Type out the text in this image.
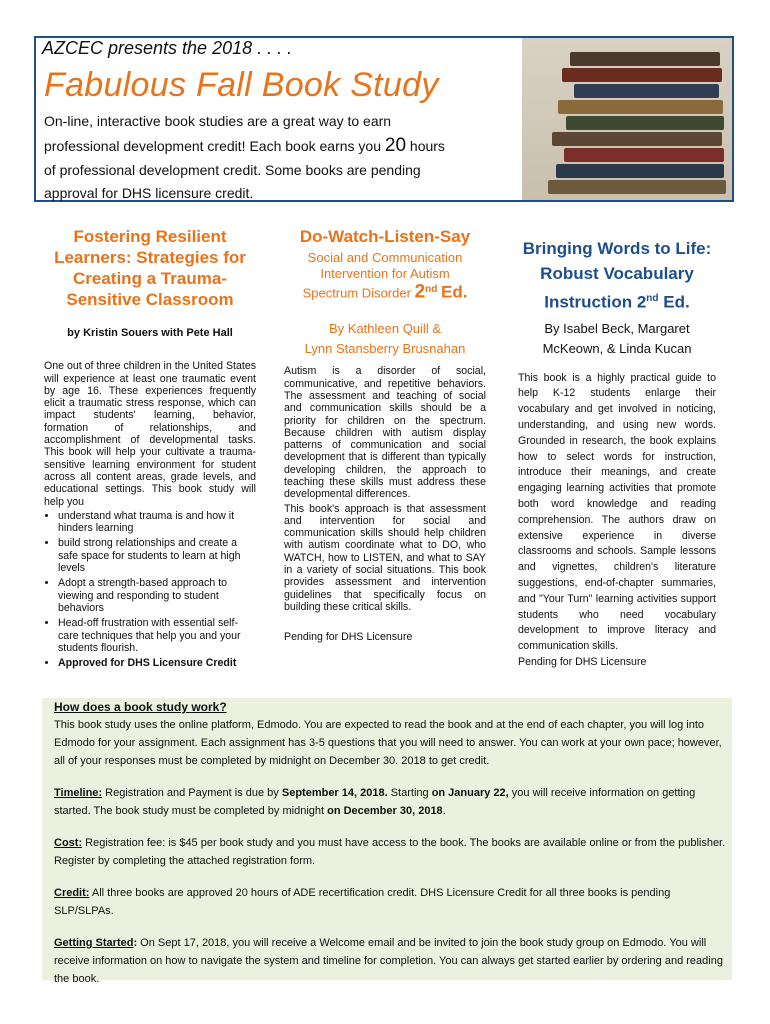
AZCEC presents the 2018 . . . .
Fabulous Fall Book Study
On-line, interactive book studies are a great way to earn
professional development credit! Each book earns you 20 hours
of professional development credit. Some books are pending
approval for DHS licensure credit.
Fostering Resilient
Learners: Strategies for
Creating a Trauma-
Sensitive Classroom
by Kristin Souers with Pete Hall
One out of three children in the United States will experience at least one traumatic event by age 16. These experiences frequently elicit a traumatic stress response, which can impact students' learning, behavior, formation of relationships, and accomplishment of developmental tasks. This book will help your cultivate a trauma-sensitive learning environment for student across all content areas, grade levels, and educational settings. This book study will help you
• understand what trauma is and how it hinders learning
• build strong relationships and create a safe space for students to learn at high levels
• Adopt a strength-based approach to viewing and responding to student behaviors
• Head-off frustration with essential self-care techniques that help you and your students flourish.
• Approved for DHS Licensure Credit
Do-Watch-Listen-Say
Social and Communication
Intervention for Autism
Spectrum Disorder 2nd Ed.
By Kathleen Quill &
Lynn Stansberry Brusnahan
Autism is a disorder of social, communicative, and repetitive behaviors. The assessment and teaching of social and communication skills should be a priority for children on the spectrum. Because children with autism display patterns of communication and social development that is different than typically developing children, the approach to teaching these skills must address these developmental differences.
This book's approach is that assessment and intervention for social and communication skills should help children with autism coordinate what to DO, who WATCH, how to LISTEN, and what to SAY in a variety of social situations. This book provides assessment and intervention guidelines that specifically focus on building these critical skills.
Pending for DHS Licensure
Bringing Words to Life:
Robust Vocabulary
Instruction 2nd Ed.
By Isabel Beck, Margaret
McKeown, & Linda Kucan
This book is a highly practical guide to help K-12 students enlarge their vocabulary and get involved in noticing, understanding, and using new words. Grounded in research, the book explains how to select words for instruction, introduce their meanings, and create engaging learning activities that promote both word knowledge and reading comprehension. The authors draw on extensive experience in diverse classrooms and schools. Sample lessons and vignettes, children's literature suggestions, end-of-chapter summaries, and "Your Turn" learning activities support students who need vocabulary development to improve literacy and communication skills.
Pending for DHS Licensure
How does a book study work?
This book study uses the online platform, Edmodo. You are expected to read the book and at the end of each chapter, you will log into Edmodo for your assignment. Each assignment has 3-5 questions that you will need to answer. You can work at your own pace; however, all of your responses must be completed by midnight on December 30. 2018 to get credit.
Timeline: Registration and Payment is due by September 14, 2018. Starting on January 22, you will receive information on getting started. The book study must be completed by midnight on December 30, 2018.
Cost: Registration fee: is $45 per book study and you must have access to the book. The books are available online or from the publisher. Register by completing the attached registration form.
Credit: All three books are approved 20 hours of ADE recertification credit. DHS Licensure Credit for all three books is pending SLP/SLPAs.
Getting Started: On Sept 17, 2018, you will receive a Welcome email and be invited to join the book study group on Edmodo. You will receive information on how to navigate the system and timeline for completion. You can always get started earlier by ordering and reading the book.
